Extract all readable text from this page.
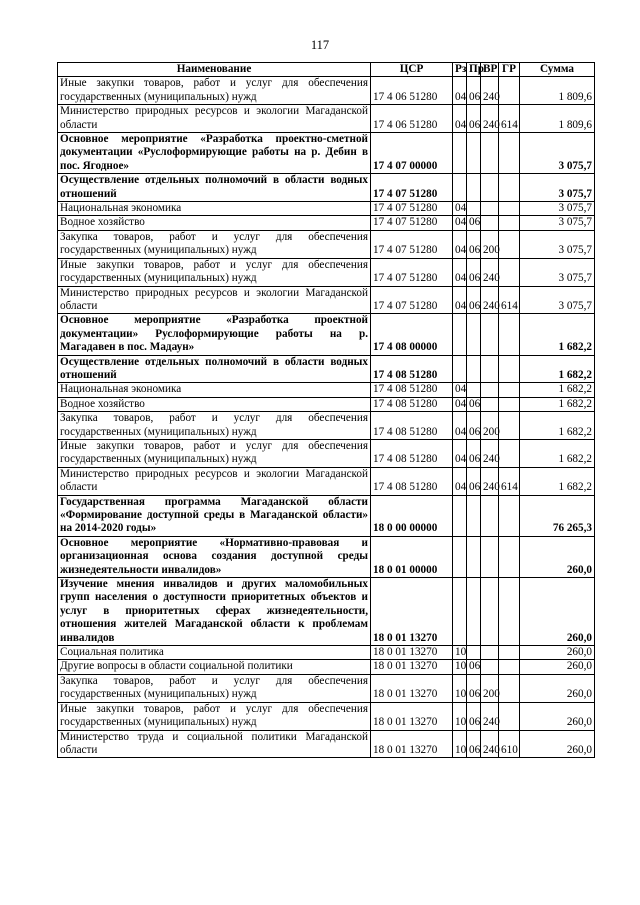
117
Наименование	ЦСР	Рз	Пр	ВР	ГР	Сумма
Иные закупки товаров, работ и услуг для обеспечения государственных (муниципальных) нужд	17 4 06 51280	04	06	240		1 809,6
Министерство природных ресурсов и экологии Магаданской области	17 4 06 51280	04	06	240	614	1 809,6
Основное мероприятие «Разработка проектно-сметной документации «Руслоформирующие работы на р. Дебин в пос. Ягодное»	17 4 07 00000					3 075,7
Осуществление отдельных полномочий в области водных отношений	17 4 07 51280					3 075,7
Национальная экономика	17 4 07 51280	04				3 075,7
Водное хозяйство	17 4 07 51280	04	06			3 075,7
Закупка товаров, работ и услуг для обеспечения государственных (муниципальных) нужд	17 4 07 51280	04	06	200		3 075,7
Иные закупки товаров, работ и услуг для обеспечения государственных (муниципальных) нужд	17 4 07 51280	04	06	240		3 075,7
Министерство природных ресурсов и экологии Магаданской области	17 4 07 51280	04	06	240	614	3 075,7
Основное мероприятие «Разработка проектной документации» Руслоформирующие работы на р. Магадавен в пос. Мадаун»	17 4 08 00000					1 682,2
Осуществление отдельных полномочий в области водных отношений	17 4 08 51280					1 682,2
Национальная экономика	17 4 08 51280	04				1 682,2
Водное хозяйство	17 4 08 51280	04	06			1 682,2
Закупка товаров, работ и услуг для обеспечения государственных (муниципальных) нужд	17 4 08 51280	04	06	200		1 682,2
Иные закупки товаров, работ и услуг для обеспечения государственных (муниципальных) нужд	17 4 08 51280	04	06	240		1 682,2
Министерство природных ресурсов и экологии Магаданской области	17 4 08 51280	04	06	240	614	1 682,2
Государственная программа Магаданской области «Формирование доступной среды в Магаданской области» на 2014-2020 годы»	18 0 00 00000					76 265,3
Основное мероприятие «Нормативно-правовая и организационная основа создания доступной среды жизнедеятельности инвалидов»	18 0 01 00000					260,0
Изучение мнения инвалидов и других маломобильных групп населения о доступности приоритетных объектов и услуг в приоритетных сферах жизнедеятельности, отношения жителей Магаданской области к проблемам инвалидов	18 0 01 13270					260,0
Социальная политика	18 0 01 13270	10				260,0
Другие вопросы в области социальной политики	18 0 01 13270	10	06			260,0
Закупка товаров, работ и услуг для обеспечения государственных (муниципальных) нужд	18 0 01 13270	10	06	200		260,0
Иные закупки товаров, работ и услуг для обеспечения государственных (муниципальных) нужд	18 0 01 13270	10	06	240		260,0
Министерство труда и социальной политики Магаданской области	18 0 01 13270	10	06	240	610	260,0
